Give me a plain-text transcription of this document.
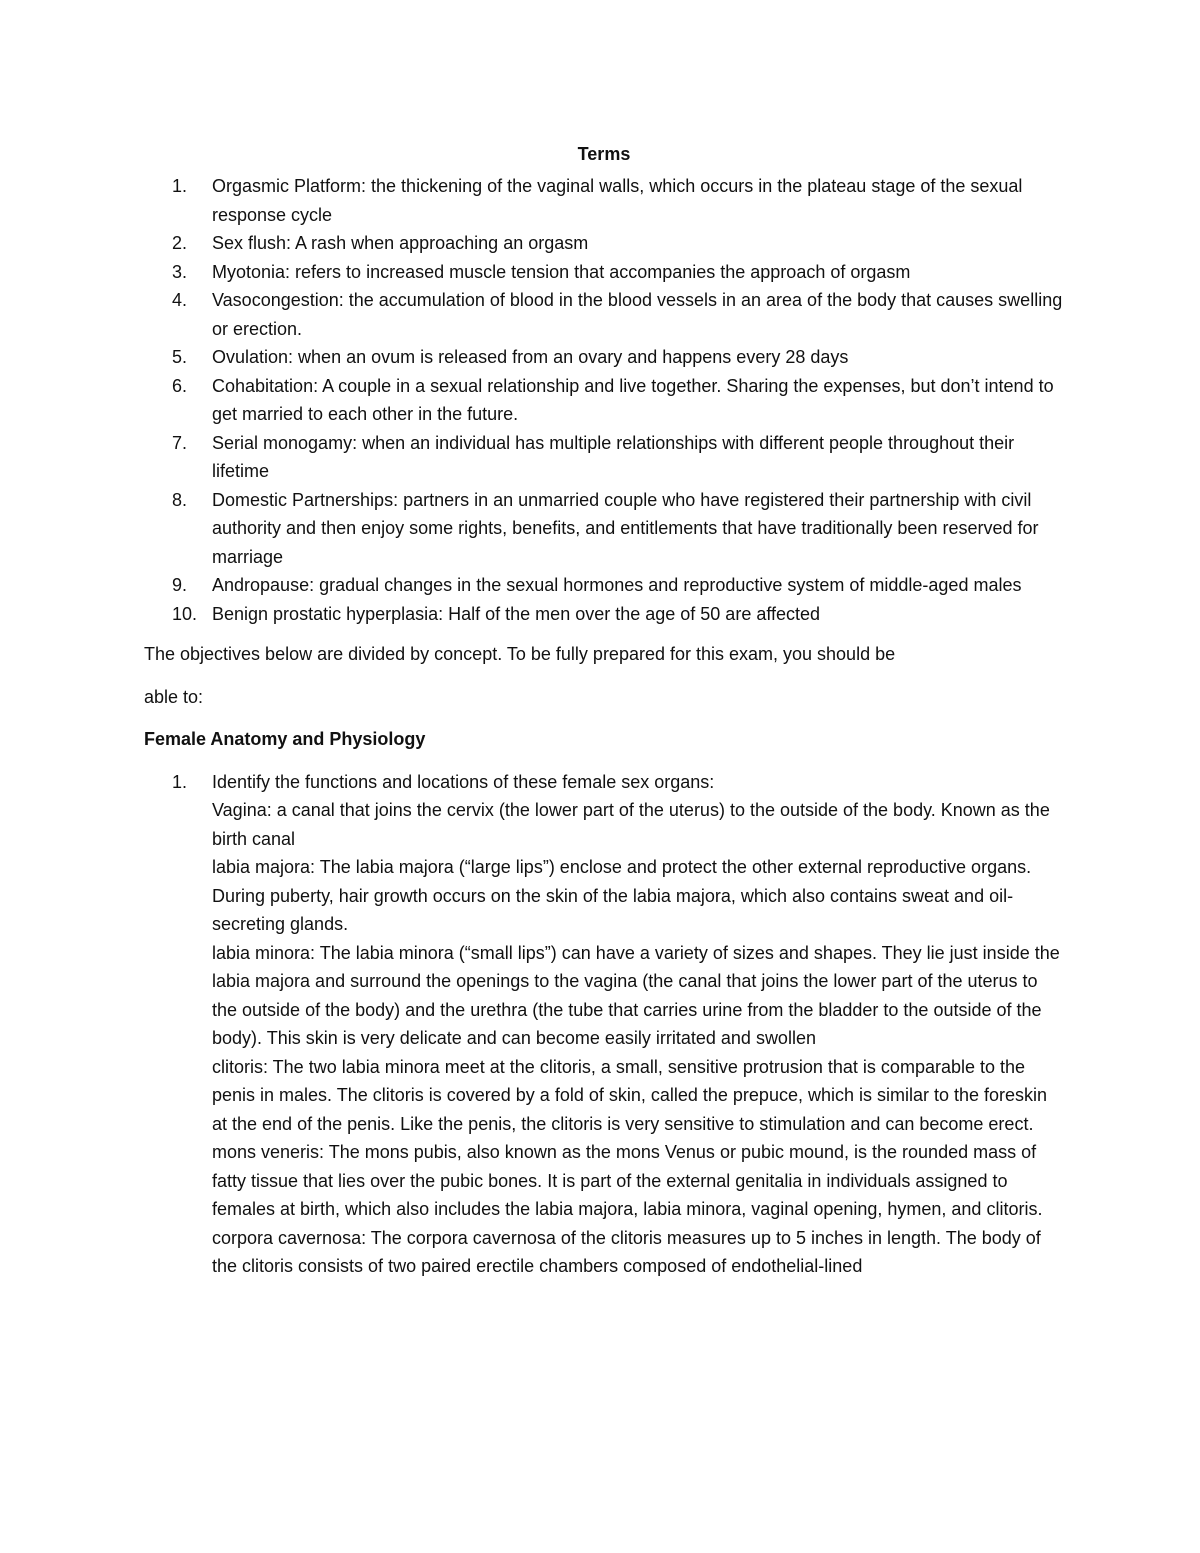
Terms
1.	Orgasmic Platform: the thickening of the vaginal walls, which occurs in the plateau stage of the sexual response cycle
2.	Sex flush: A rash when approaching an orgasm
3.	Myotonia: refers to increased muscle tension that accompanies the approach of orgasm
4.	Vasocongestion: the accumulation of blood in the blood vessels in an area of the body that causes swelling or erection.
5.	Ovulation: when an ovum is released from an ovary and happens every 28 days
6.	Cohabitation: A couple in a sexual relationship and live together. Sharing the expenses, but don’t intend to get married to each other in the future.
7.	Serial monogamy: when an individual has multiple relationships with different people throughout their lifetime
8.	Domestic Partnerships: partners in an unmarried couple who have registered their partnership with civil authority and then enjoy some rights, benefits, and entitlements that have traditionally been reserved for marriage
9.	Andropause: gradual changes in the sexual hormones and reproductive system of middle-aged males
10. Benign prostatic hyperplasia: Half of the men over the age of 50 are affected

The objectives below are divided by concept. To be fully prepared for this exam, you should be

able to:

Female Anatomy and Physiology
1. Identify the functions and locations of these female sex organs:
Vagina: a canal that joins the cervix (the lower part of the uterus) to the outside of the body. Known as the birth canal
labia majora: The labia majora (“large lips”) enclose and protect the other external reproductive organs. During puberty, hair growth occurs on the skin of the labia majora, which also contains sweat and oil-secreting glands.
labia minora: The labia minora (“small lips”) can have a variety of sizes and shapes. They lie just inside the labia majora and surround the openings to the vagina (the canal that joins the lower part of the uterus to the outside of the body) and the urethra (the tube that carries urine from the bladder to the outside of the body). This skin is very delicate and can become easily irritated and swollen
clitoris: The two labia minora meet at the clitoris, a small, sensitive protrusion that is comparable to the penis in males. The clitoris is covered by a fold of skin, called the prepuce, which is similar to the foreskin at the end of the penis. Like the penis, the clitoris is very sensitive to stimulation and can become erect.
mons veneris: The mons pubis, also known as the mons Venus or pubic mound, is the rounded mass of fatty tissue that lies over the pubic bones. It is part of the external genitalia in individuals assigned to females at birth, which also includes the labia majora, labia minora, vaginal opening, hymen, and clitoris.
corpora cavernosa: The corpora cavernosa of the clitoris measures up to 5 inches in length. The body of the clitoris consists of two paired erectile chambers composed of endothelial-lined
